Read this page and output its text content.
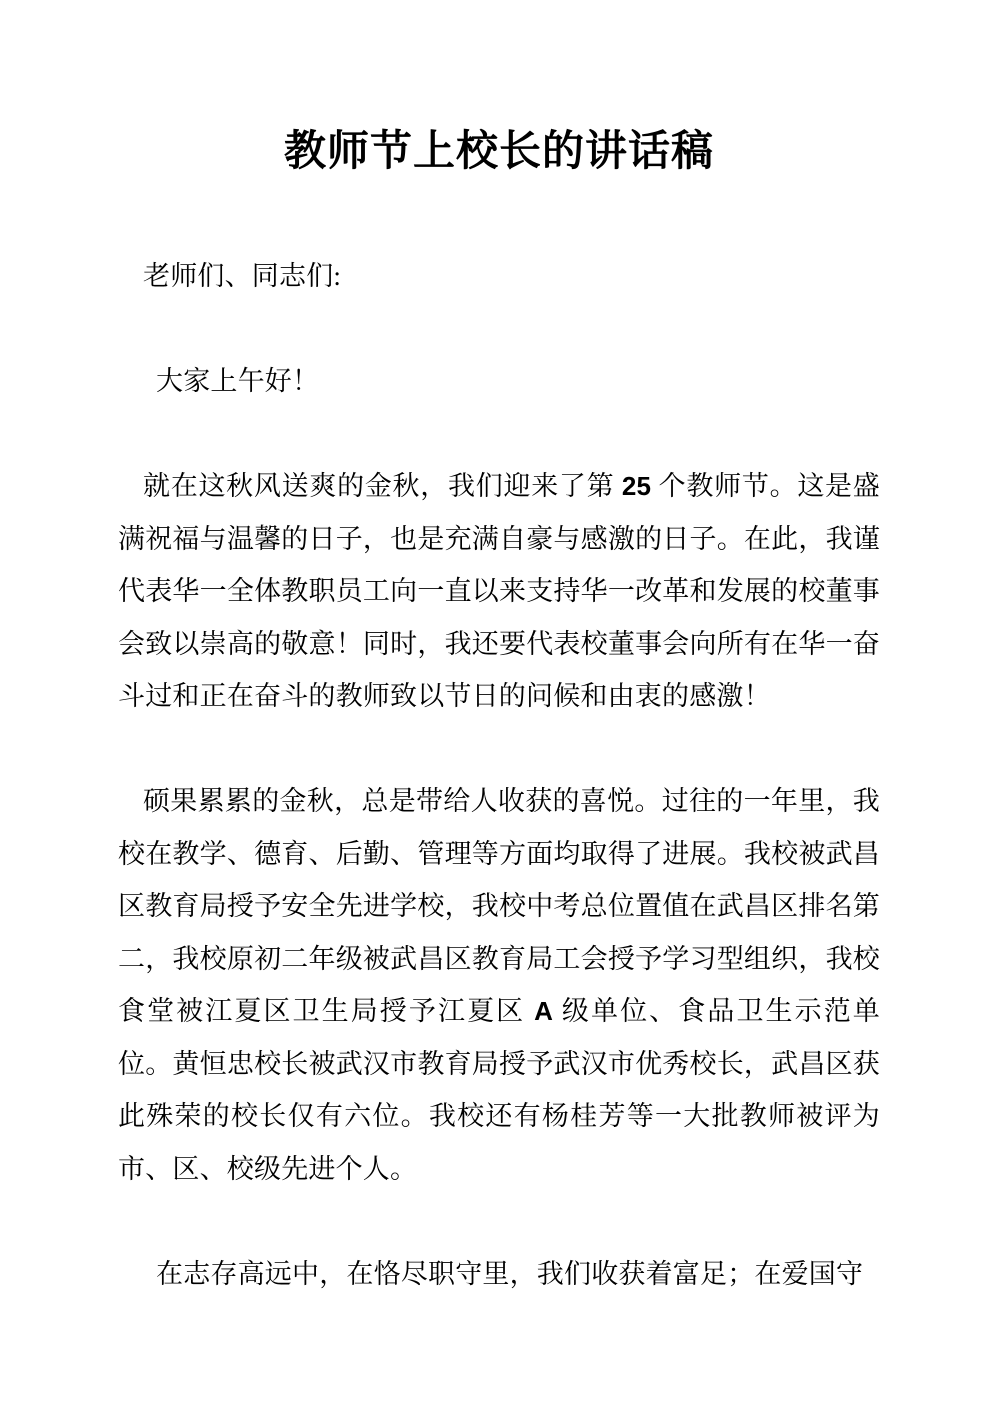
教师节上校长的讲话稿

老师们、同志们:

大家上午好！

就在这秋风送爽的金秋，我们迎来了第 25 个教师节。这是盛满祝福与温馨的日子，也是充满自豪与感激的日子。在此，我谨代表华一全体教职员工向一直以来支持华一改革和发展的校董事会致以崇高的敬意！同时，我还要代表校董事会向所有在华一奋斗过和正在奋斗的教师致以节日的问候和由衷的感激！

硕果累累的金秋，总是带给人收获的喜悦。过往的一年里，我校在教学、德育、后勤、管理等方面均取得了进展。我校被武昌区教育局授予安全先进学校，我校中考总位置值在武昌区排名第二，我校原初二年级被武昌区教育局工会授予学习型组织，我校食堂被江夏区卫生局授予江夏区 A 级单位、食品卫生示范单位。黄恒忠校长被武汉市教育局授予武汉市优秀校长，武昌区获此殊荣的校长仅有六位。我校还有杨桂芳等一大批教师被评为市、区、校级先进个人。

在志存高远中，在恪尽职守里，我们收获着富足；在爱国守
